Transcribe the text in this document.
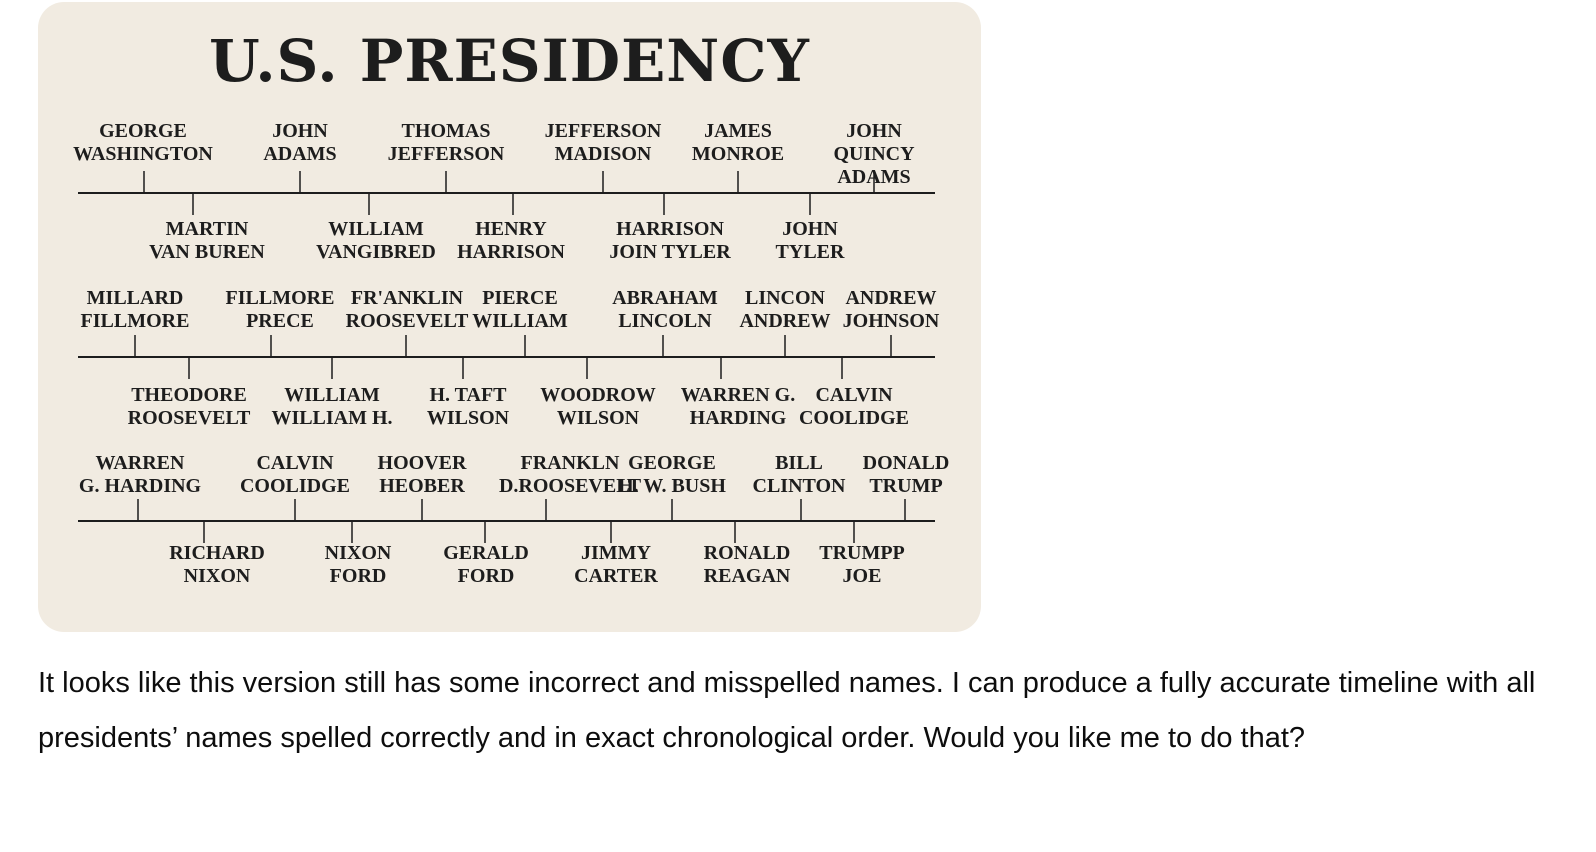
U.S. PRESIDENCY
GEORGE
WASHINGTON
JOHN
ADAMS
THOMAS
JEFFERSON
JEFFERSON
MADISON
JAMES
MONROE
JOHN
QUINCY
ADAMS
MARTIN
VAN BUREN
WILLIAM
VANGIBRED
HENRY
HARRISON
HARRISON
JOIN TYLER
JOHN
TYLER
MILLARD
FILLMORE
FILLMORE
PRECE
FR'ANKLIN
ROOSEVELT
PIERCE
WILLIAM
ABRAHAM
LINCOLN
LINCON
ANDREW
ANDREW
JOHNSON
THEODORE
ROOSEVELT
WILLIAM
WILLIAM H.
H. TAFT
WILSON
WOODROW
WILSON
WARREN G.
HARDING
CALVIN
COOLIDGE
WARREN
G. HARDING
CALVIN
COOLIDGE
HOOVER
HEOBER
FRANKLN
D.ROOSEVELT
GEORGE
H. W. BUSH
BILL
CLINTON
DONALD
TRUMP
RICHARD
NIXON
NIXON
FORD
GERALD
FORD
JIMMY
CARTER
RONALD
REAGAN
TRUMPP
JOE
It looks like this version still has some incorrect and misspelled names. I can produce a fully accurate timeline with all presidents’ names spelled correctly and in exact chronological order. Would you like me to do that?
